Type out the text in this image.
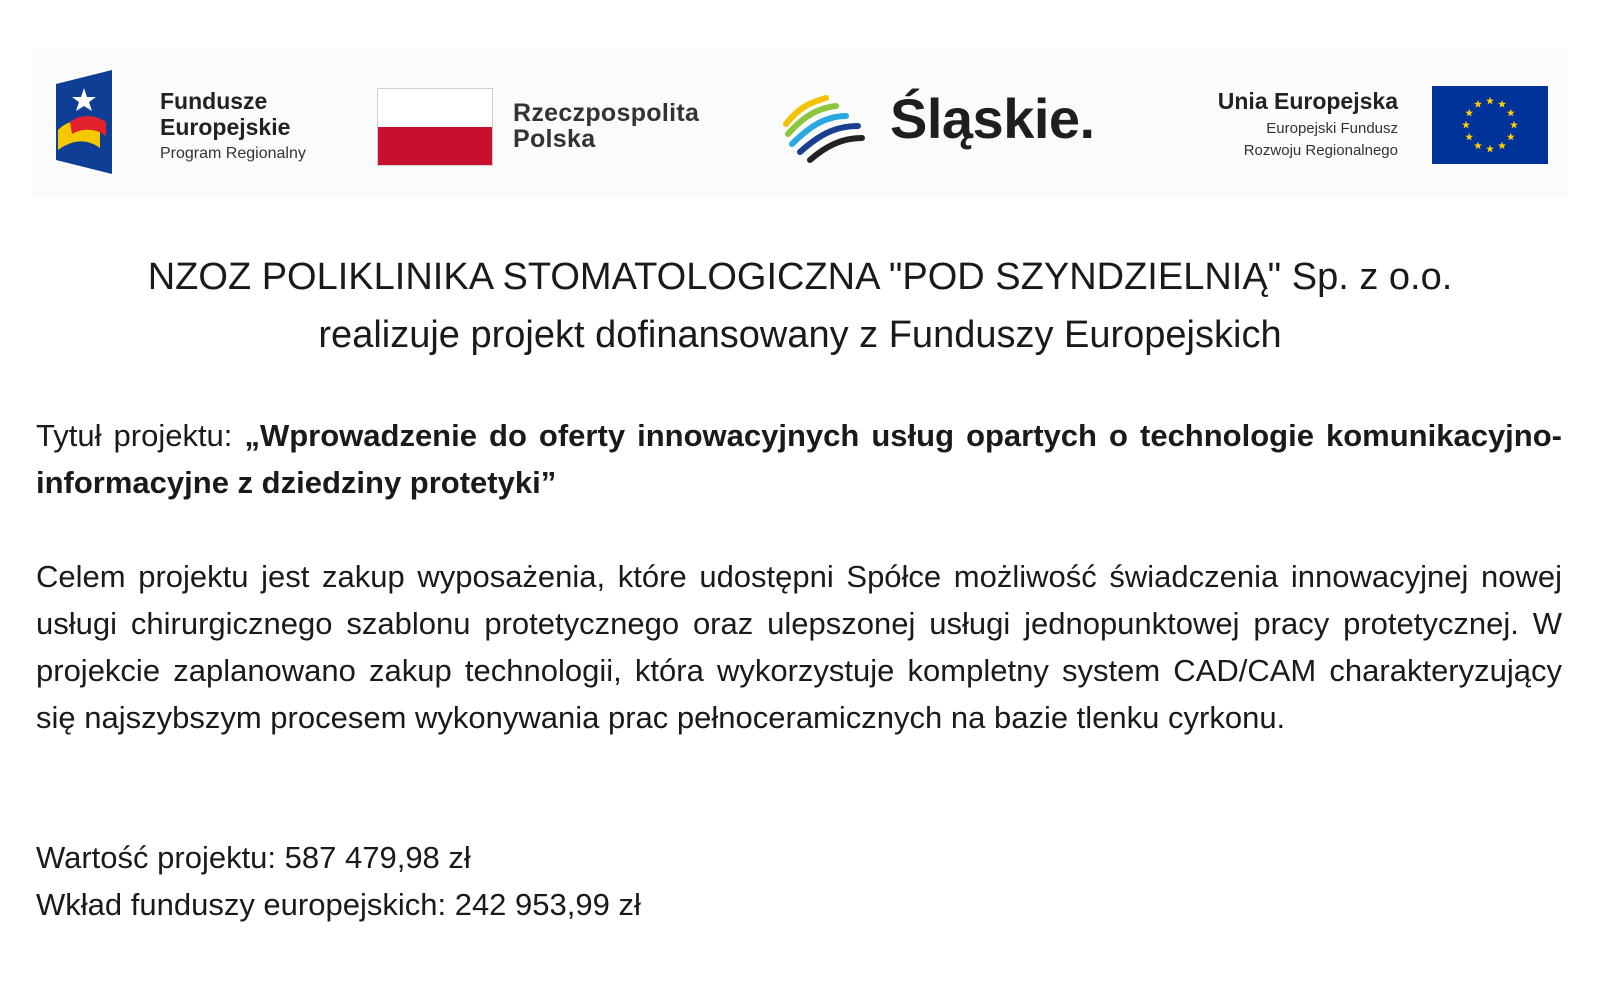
Fundusze
Europejskie
Program Regionalny
Rzeczpospolita
Polska	Śląskie.	Unia Europejska
Europejski Fundusz
Rozwoju Regionalnego
NZOZ POLIKLINIKA STOMATOLOGICZNA "POD SZYNDZIELNIĄ" Sp. z o.o.
realizuje projekt dofinansowany z Funduszy Europejskich
Tytuł projektu: „Wprowadzenie do oferty innowacyjnych usług opartych o technologie komunikacyjno-informacyjne z dziedziny protetyki”
Celem projektu jest zakup wyposażenia, które udostępni Spółce możliwość świadczenia innowacyjnej nowej usługi chirurgicznego szablonu protetycznego oraz ulepszonej usługi jednopunktowej pracy protetycznej. W projekcie zaplanowano zakup technologii, która wykorzystuje kompletny system CAD/CAM charakteryzujący się najszybszym procesem wykonywania prac pełnoceramicznych na bazie tlenku cyrkonu.
Wartość projektu: 587 479,98 zł
Wkład funduszy europejskich: 242 953,99 zł
